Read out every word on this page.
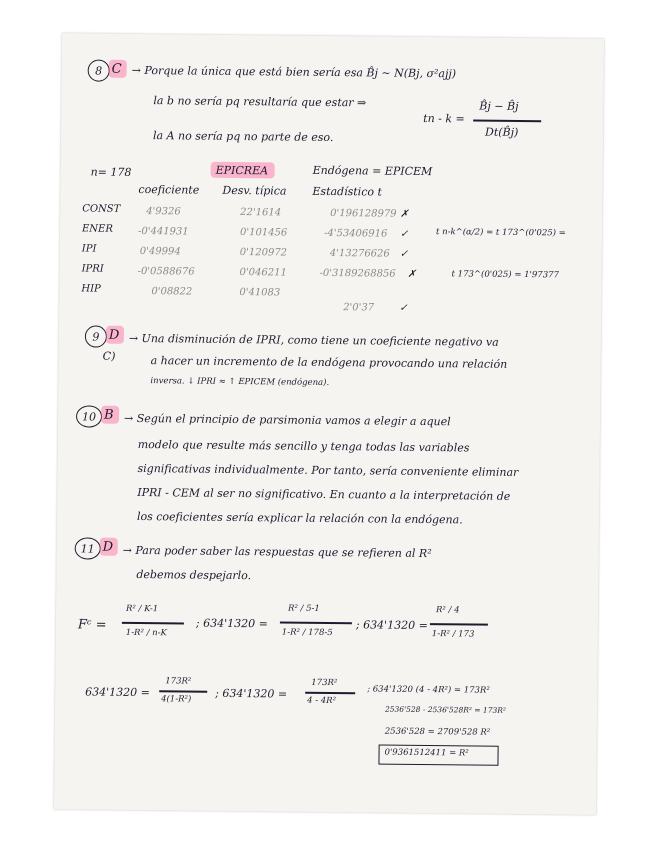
8 C → Porque la única que está bien sería esa B̂j ~ N(Bj, σ²ajj)
la b no sería pq resultaría que estar ⇒
tn - k =
B̂j − B̂j
Dt(B̂j)
la A no sería pq no parte de eso.
n= 178	EPICREA	Endógena = EPICEM
coeficiente Desv. típica Estadístico t
CONST	4'9326	22'1614	0'196128979 ✗
ENER -0'441931	0'101456	-4'53406916 ✓
IPI	0'49994	0'120972	4'13276626 ✓
IPRI	-0'0588676	0'046211	-0'3189268856 ✗
HIP	0'08822	0'41083
2'0'37 ✓
t n-k^(α/2) = t 173^(0'025) =
t 173^(0'025) = 1'97377
9 D
C)
→ Una disminución de IPRI, como tiene un coeficiente negativo va
a hacer un incremento de la endógena provocando una relación
inversa. ↓ IPRI ≈ ↑ EPICEM (endógena).
10 B → Según el principio de parsimonia vamos a elegir a aquel
modelo que resulte más sencillo y tenga todas las variables
significativas individualmente. Por tanto, sería conveniente eliminar
IPRI - CEM al ser no significativo. En cuanto a la interpretación de
los coeficientes sería explicar la relación con la endógena.
11 D → Para poder saber las respuestas que se refieren al R²
debemos despejarlo.
Fᶜ =
R² / K-1
1-R² / n-K
; 634'1320 =
R² / 5-1
1-R² / 178-5
; 634'1320 =
R² / 4
1-R² / 173
634'1320 =
173R²
4(1-R²) ; 634'1320 =
173R²
4 - 4R²
; 634'1320 (4 - 4R²) = 173R²
2536'528 - 2536'528R² = 173R²
2536'528 = 2709'528 R²
0'9361512411 = R²
